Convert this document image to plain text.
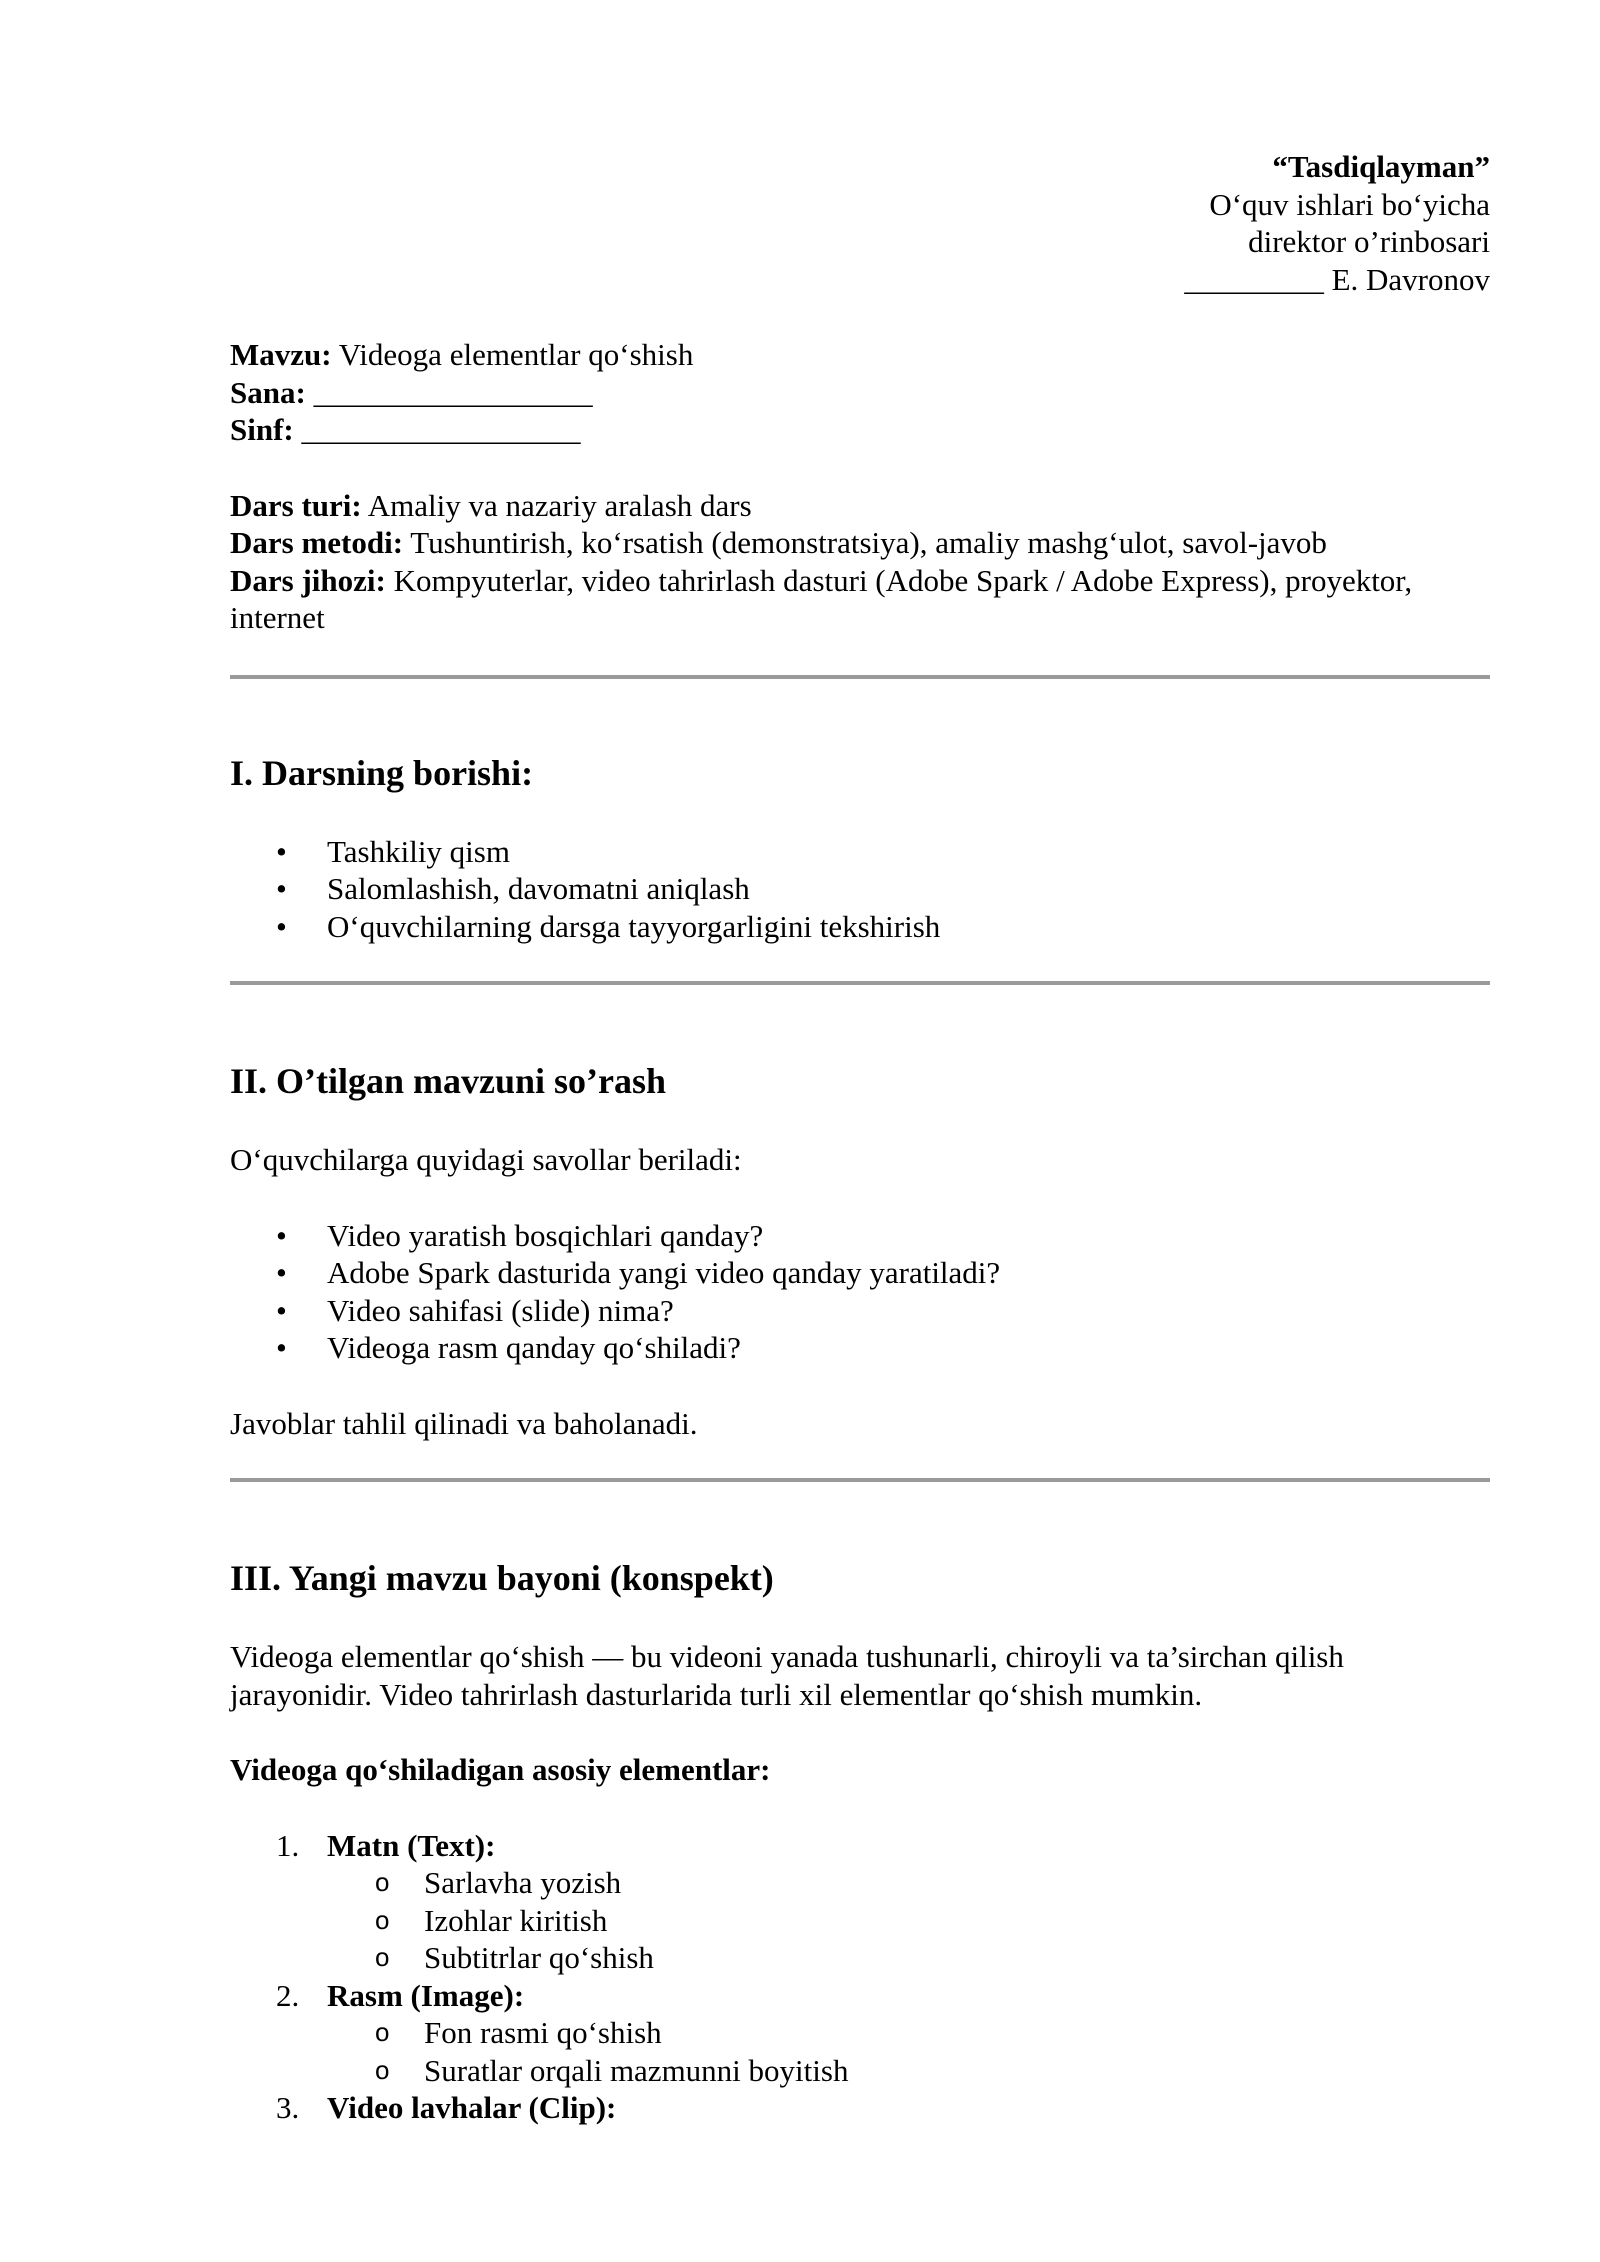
“Tasdiqlayman”
O‘quv ishlari bo‘yicha
direktor o’rinbosari
_________ E. Davronov
Mavzu: Videoga elementlar qo‘shish
Sana: __________________
Sinf: __________________
Dars turi: Amaliy va nazariy aralash dars
Dars metodi: Tushuntirish, ko‘rsatish (demonstratsiya), amaliy mashg‘ulot, savol-javob
Dars jihozi: Kompyuterlar, video tahrirlash dasturi (Adobe Spark / Adobe Express), proyektor, internet
I. Darsning borishi:
• Tashkiliy qism
• Salomlashish, davomatni aniqlash
• O‘quvchilarning darsga tayyorgarligini tekshirish
II. O’tilgan mavzuni so’rash
O‘quvchilarga quyidagi savollar beriladi:
• Video yaratish bosqichlari qanday?
• Adobe Spark dasturida yangi video qanday yaratiladi?
• Video sahifasi (slide) nima?
• Videoga rasm qanday qo‘shiladi?
Javoblar tahlil qilinadi va baholanadi.
III. Yangi mavzu bayoni (konspekt)
Videoga elementlar qo‘shish — bu videoni yanada tushunarli, chiroyli va ta’sirchan qilish jarayonidir. Video tahrirlash dasturlarida turli xil elementlar qo‘shish mumkin.
Videoga qo‘shiladigan asosiy elementlar:
1. Matn (Text):
o Sarlavha yozish
o Izohlar kiritish
o Subtitrlar qo‘shish
2. Rasm (Image):
o Fon rasmi qo‘shish
o Suratlar orqali mazmunni boyitish
3. Video lavhalar (Clip):
